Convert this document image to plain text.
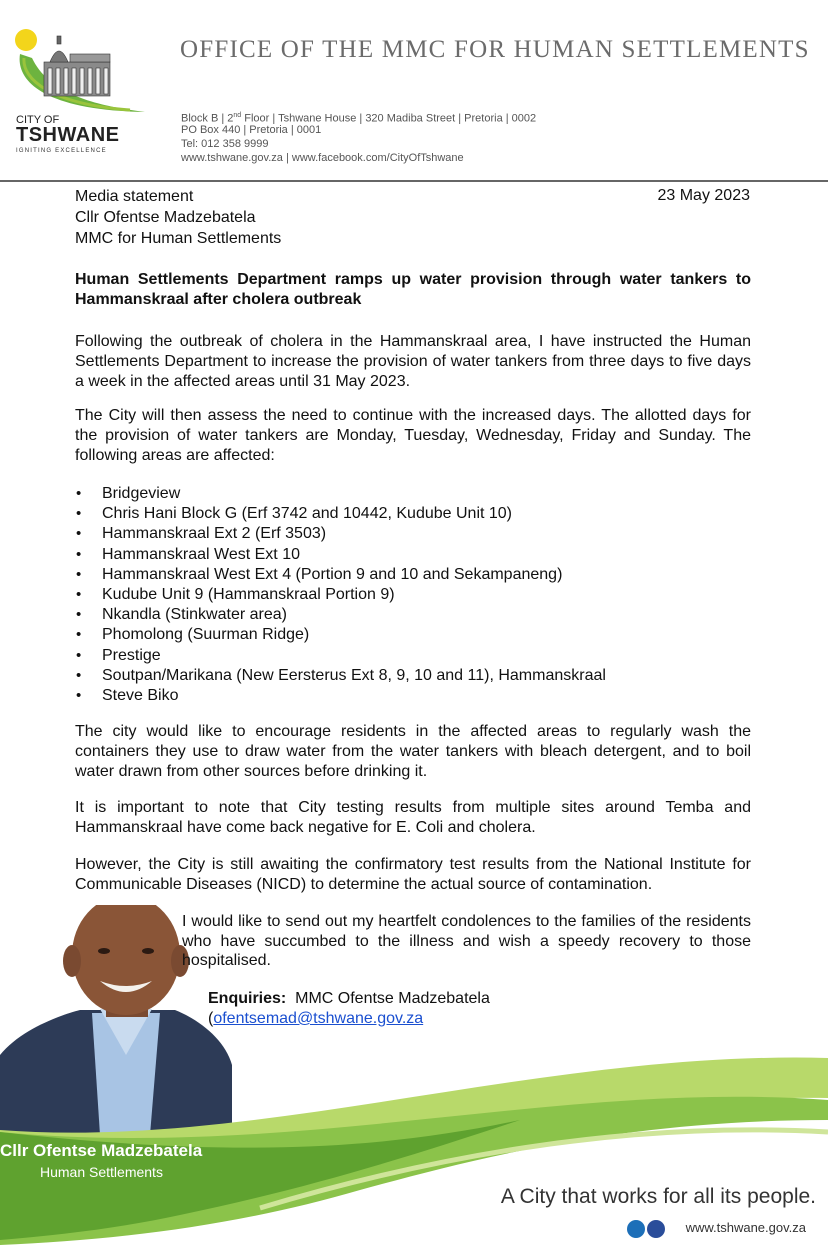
CITY OF
TSHWANE
IGNITING EXCELLENCE
OFFICE OF THE MMC FOR HUMAN SETTLEMENTS
Block B | 2nd Floor | Tshwane House | 320 Madiba Street | Pretoria | 0002
PO Box 440 | Pretoria | 0001
Tel: 012 358 9999
www.tshwane.gov.za | www.facebook.com/CityOfTshwane
Media statement
Cllr Ofentse Madzebatela
MMC for Human Settlements
23 May 2023
Human Settlements Department ramps up water provision through water tankers to Hammanskraal after cholera outbreak
Following the outbreak of cholera in the Hammanskraal area, I have instructed the Human Settlements Department to increase the provision of water tankers from three days to five days a week in the affected areas until 31 May 2023.
The City will then assess the need to continue with the increased days. The allotted days for the provision of water tankers are Monday, Tuesday, Wednesday, Friday and Sunday. The following areas are affected:
• Bridgeview
• Chris Hani Block G (Erf 3742 and 10442, Kudube Unit 10)
• Hammanskraal Ext 2 (Erf 3503)
• Hammanskraal West Ext 10
• Hammanskraal West Ext 4 (Portion 9 and 10 and Sekampaneng)
• Kudube Unit 9 (Hammanskraal Portion 9)
• Nkandla (Stinkwater area)
• Phomolong (Suurman Ridge)
• Prestige
• Soutpan/Marikana (New Eersterus Ext 8, 9, 10 and 11), Hammanskraal
• Steve Biko
The city would like to encourage residents in the affected areas to regularly wash the containers they use to draw water from the water tankers with bleach detergent, and to boil water drawn from other sources before drinking it.
It is important to note that City testing results from multiple sites around Temba and Hammanskraal have come back negative for E. Coli and cholera.
However, the City is still awaiting the confirmatory test results from the National Institute for Communicable Diseases (NICD) to determine the actual source of contamination.
I would like to send out my heartfelt condolences to the families of the residents who have succumbed to the illness and wish a speedy recovery to those hospitalised.
Enquiries: MMC Ofentse Madzebatela
(ofentsemad@tshwane.gov.za
Cllr Ofentse Madzebatela
Human Settlements
A City that works for all its people.
www.tshwane.gov.za
